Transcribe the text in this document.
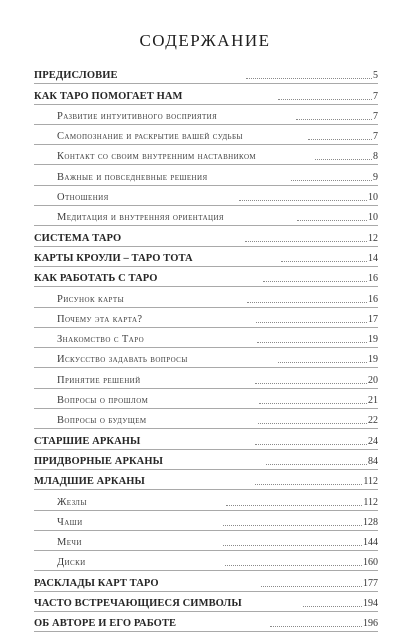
СОДЕРЖАНИЕ
ПРЕДИСЛОВИЕ	5
КАК ТАРО ПОМОГАЕТ НАМ	7
Развитие интуитивного восприятия	7
Самопознание и раскрытие вашей судьбы	7
Контакт со своим внутренним наставником	8
Важные и повседневные решения	9
Отношения	10
Медитация и внутренняя ориентация	10
СИСТЕМА ТАРО	12
КАРТЫ КРОУЛИ – ТАРО ТОТА	14
КАК РАБОТАТЬ С ТАРО	16
Рисунок карты	16
Почему эта карта?	17
Знакомство с Таро	19
Искусство задавать вопросы	19
Принятие решений	20
Вопросы о прошлом	21
Вопросы о будущем	22
СТАРШИЕ АРКАНЫ	24
ПРИДВОРНЫЕ АРКАНЫ	84
МЛАДШИЕ АРКАНЫ	112
Жезлы	112
Чаши	128
Мечи	144
Диски	160
РАСКЛАДЫ КАРТ ТАРО	177
ЧАСТО ВСТРЕЧАЮЩИЕСЯ СИМВОЛЫ	194
ОБ АВТОРЕ И ЕГО РАБОТЕ	196
